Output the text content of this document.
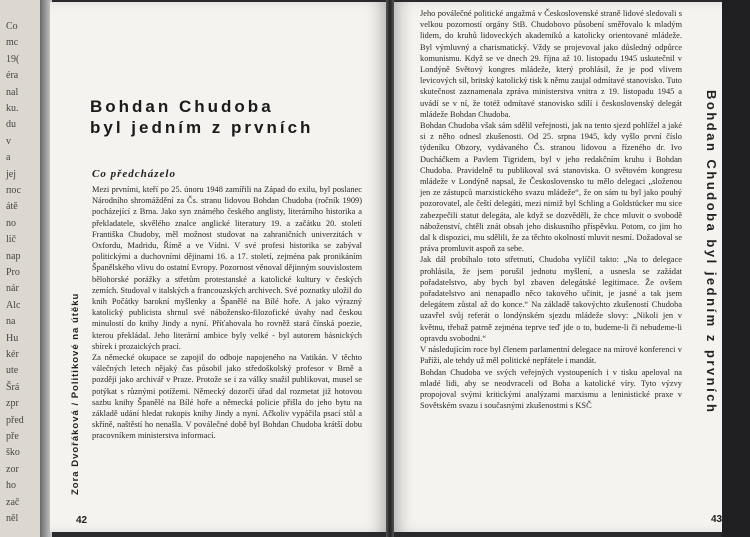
Co
mc
19(
éra
nal
ku.
du
v
a
jej
пос
átě
no
lič
nap
Pro
nár
Alc
na
Hu
kér
ute
Šrá
zpr
před
pře
ško
zor
ho
zač
něl

Bohdan Chudoba
byl jedním z prvních
Co předcházelo
Mezi prvními, kteří po 25. únoru 1948 zamířili na Západ do exilu, byl poslanec Národního shromáždění za Čs. stranu lidovou Bohdan Chudoba (ročník 1909) pocházející z Brna. Jako syn známého českého anglisty, literárního historika a překladatele, skvělého znalce anglické literatury 19. a začátku 20. století Františka Chudoby, měl možnost studovat na zahraničních univerzitách v Oxfordu, Madridu, Římě a ve Vídni. V své profesi historika se zabýval politickými a duchovními dějinami 16. a 17. století, zejména pak pronikáním Španělského vlivu do ostatní Evropy. Pozornost věnoval dějinným souvislostem bělohorské porážky a střetům protestanské a katolické kultury v českých zemích. Studoval v italských a francouzských archivech. Své poznatky uložil do knih Počátky barokní myšlenky a Španělé na Bílé hoře. A jako výrazný katolický publicista shrnul své nábožensko-filozofické úvahy nad českou minulostí do knihy Jindy a nyní. Příťahovala ho rovněž stará čínská poezie, kterou překládal. Jeho literární ambice byly velké - byl autorem básnických sbírek i prozaických prací.
Za německé okupace se zapojil do odboje napojeného na Vatikán. V těchto válečných letech nějaký čas působil jako středoškolský profesor v Brně a později jako archivář v Praze. Protože se i za války snažil publikovat, musel se potýkat s různými potížemi. Německý dozorčí úřad dal rozmetat již hotovou sazbu knihy Španělé na Bílé hoře a německá policie přišla do jeho bytu na základě udání hledat rukopis knihy Jindy a nyní. Ačkoliv vypáčila psací stůl a skříně, naštěstí ho nenašla. V poválečné době byl Bohdan Chudoba krátší dobu pracovníkem ministerstva informací.
Zora Dvořáková / Politikové na útěku
42
Jeho poválečné politické angažmá v Československé straně lidové sledovali s velkou pozorností orgány StB. Chudobovo působení směřovalo k mladým lidem, do kruhů lidoveckých akademiků a katolicky orientované mládeže. Byl výmluvný a charismatický. Vždy se projevoval jako důsledný odpůrce komunismu. Když se ve dnech 29. října až 10. listopadu 1945 uskutečnil v Londýně Světový kongres mládeže, který prohlásil, že je pod vlivem levicových sil, britský katolický tisk k němu zaujal odmítavé stanovisko. Tuto skutečnost zaznamenala zpráva ministerstva vnitra z 19. listopadu 1945 a uvádí se v ní, že totéž odmítavé stanovisko sdílí i československý delegát mládeže Bohdan Chudoba.
Bohdan Chudoba však sám sdělil veřejnosti, jak na tento sjezd pohlížel a jaké si z něho odnesl zkušenosti. Od 25. srpna 1945, kdy vyšlo první číslo týdeníku Obzory, vydávaného Čs. stranou lidovou a řízeného dr. Ivo Ducháčkem a Pavlem Tigridem, byl v jeho redakčním kruhu i Bohdan Chudoba. Pravidelně tu publikoval svá stanoviska. O světovém kongresu mládeže v Londýně napsal, že Československo tu mělo delegaci „složenou jen ze zástupců marxistického svazu mládeže“, že on sám tu byl jako pouhý pozorovatel, ale čeští delegáti, mezi nimiž byl Schling a Goldstücker mu sice zabezpečili statut delegáta, ale když se dozvěděli, že chce mluvit o svobodě náboženství, chtěli znát obsah jeho diskusního příspěvku. Potom, co jim ho dal k dispozici, mu sdělili, že za těchto okolností mluvit nesmí. Dožadoval se práva promluvit aspoň za sebe.
Jak dál probíhalo toto střetnutí, Chudoba vylíčil takto: „Na to delegace prohlásila, že jsem porušil jednotu myšlení, a usnesla se zažádat pořadatelstvo, aby bych byl zbaven delegátské legitimace. Že ovšem pořadatelstvo ani nenapadlo něco takového učinit, je jasné a tak jsem delegátem zůstal až do konce.“ Na základě takovýchto zkušeností Chudoba uzavřel svůj referát o londýnském sjezdu mládeže slovy: „Nikoli jen v květnu, třebaž patrně zejména teprve teď jde o to, budeme-li či nebudeme-li opravdu svobodni.“
V následujícím roce byl členem parlamentní delegace na mírové konferenci v Paříži, ale tehdy už měl politické nepřátele i mandát.
Bohdan Chudoba ve svých veřejných vystoupeních i v tisku apeloval na mladé lidi, aby se neodvraceli od Boha a katolické víry. Tyto výzvy propojoval svými kritickými analýzami marxismu a leninistické praxe v Sovětském svazu i současnými zkušenostmi s KSČ	Bohdan Chudoba byl jedním z prvních
43
